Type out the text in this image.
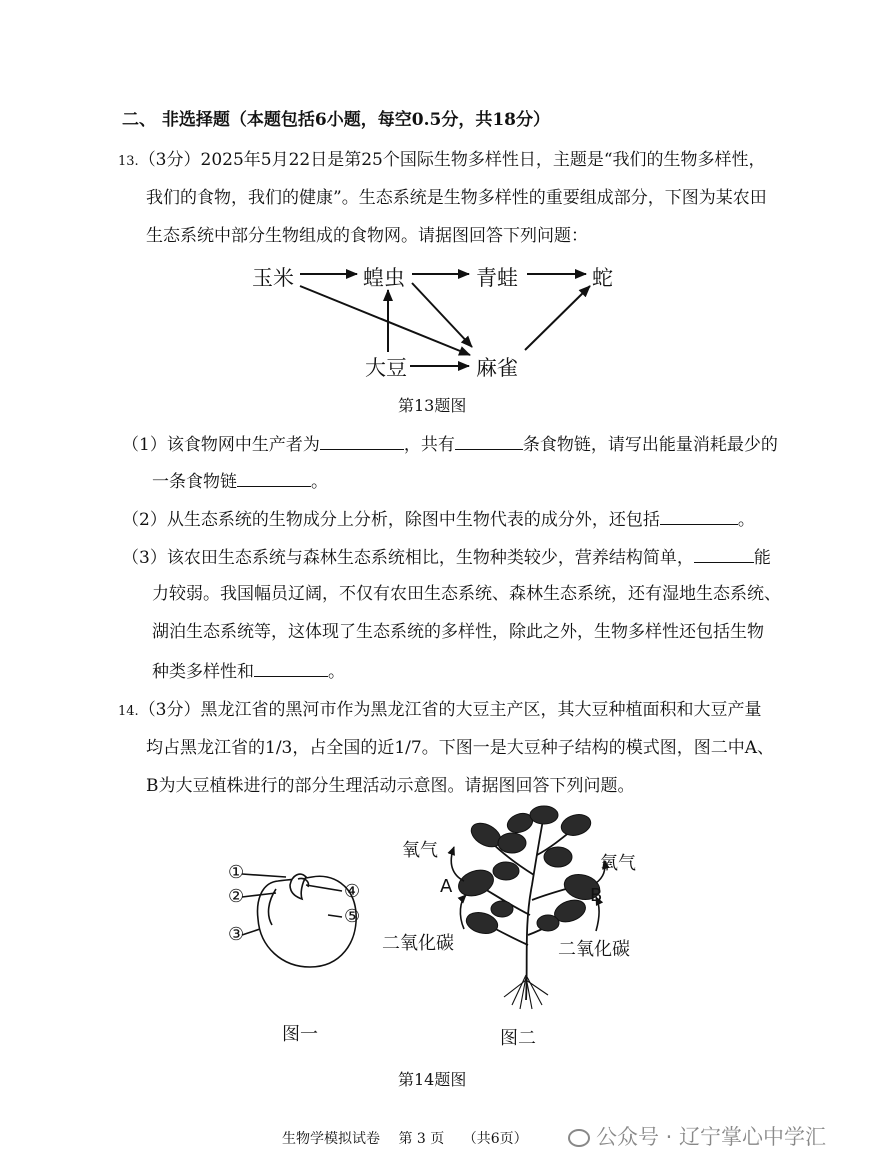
二、 非选择题（本题包括6小题，每空0.5分，共18分）
13.（3分）2025年5月22日是第25个国际生物多样性日，主题是“我们的生物多样性，
我们的食物，我们的健康”。生态系统是生物多样性的重要组成部分，下图为某农田
生态系统中部分生物组成的食物网。请据图回答下列问题：
玉米	蝗虫	青蛙	蛇
大豆	麻雀
第13题图
（1）该食物网中生产者为	，共有	条食物链，请写出能量消耗最少的
一条食物链	。
（2）从生态系统的生物成分上分析，除图中生物代表的成分外，还包括	。
（3）该农田生态系统与森林生态系统相比，生物种类较少，营养结构简单，	能
力较弱。我国幅员辽阔，不仅有农田生态系统、森林生态系统，还有湿地生态系统、
湖泊生态系统等，这体现了生态系统的多样性，除此之外，生物多样性还包括生物
种类多样性和	。
14.（3分）黑龙江省的黑河市作为黑龙江省的大豆主产区，其大豆种植面积和大豆产量
均占黑龙江省的1/3，占全国的近1/7。下图一是大豆种子结构的模式图，图二中A、
B为大豆植株进行的部分生理活动示意图。请据图回答下列问题。
①
②
③
④
⑤
氧气
氧气
A	B
二氧化碳	二氧化碳
图一	图二
第14题图
生物学模拟试卷　 第 3 页　 （共6页）	公众号 · 辽宁掌心中学汇
